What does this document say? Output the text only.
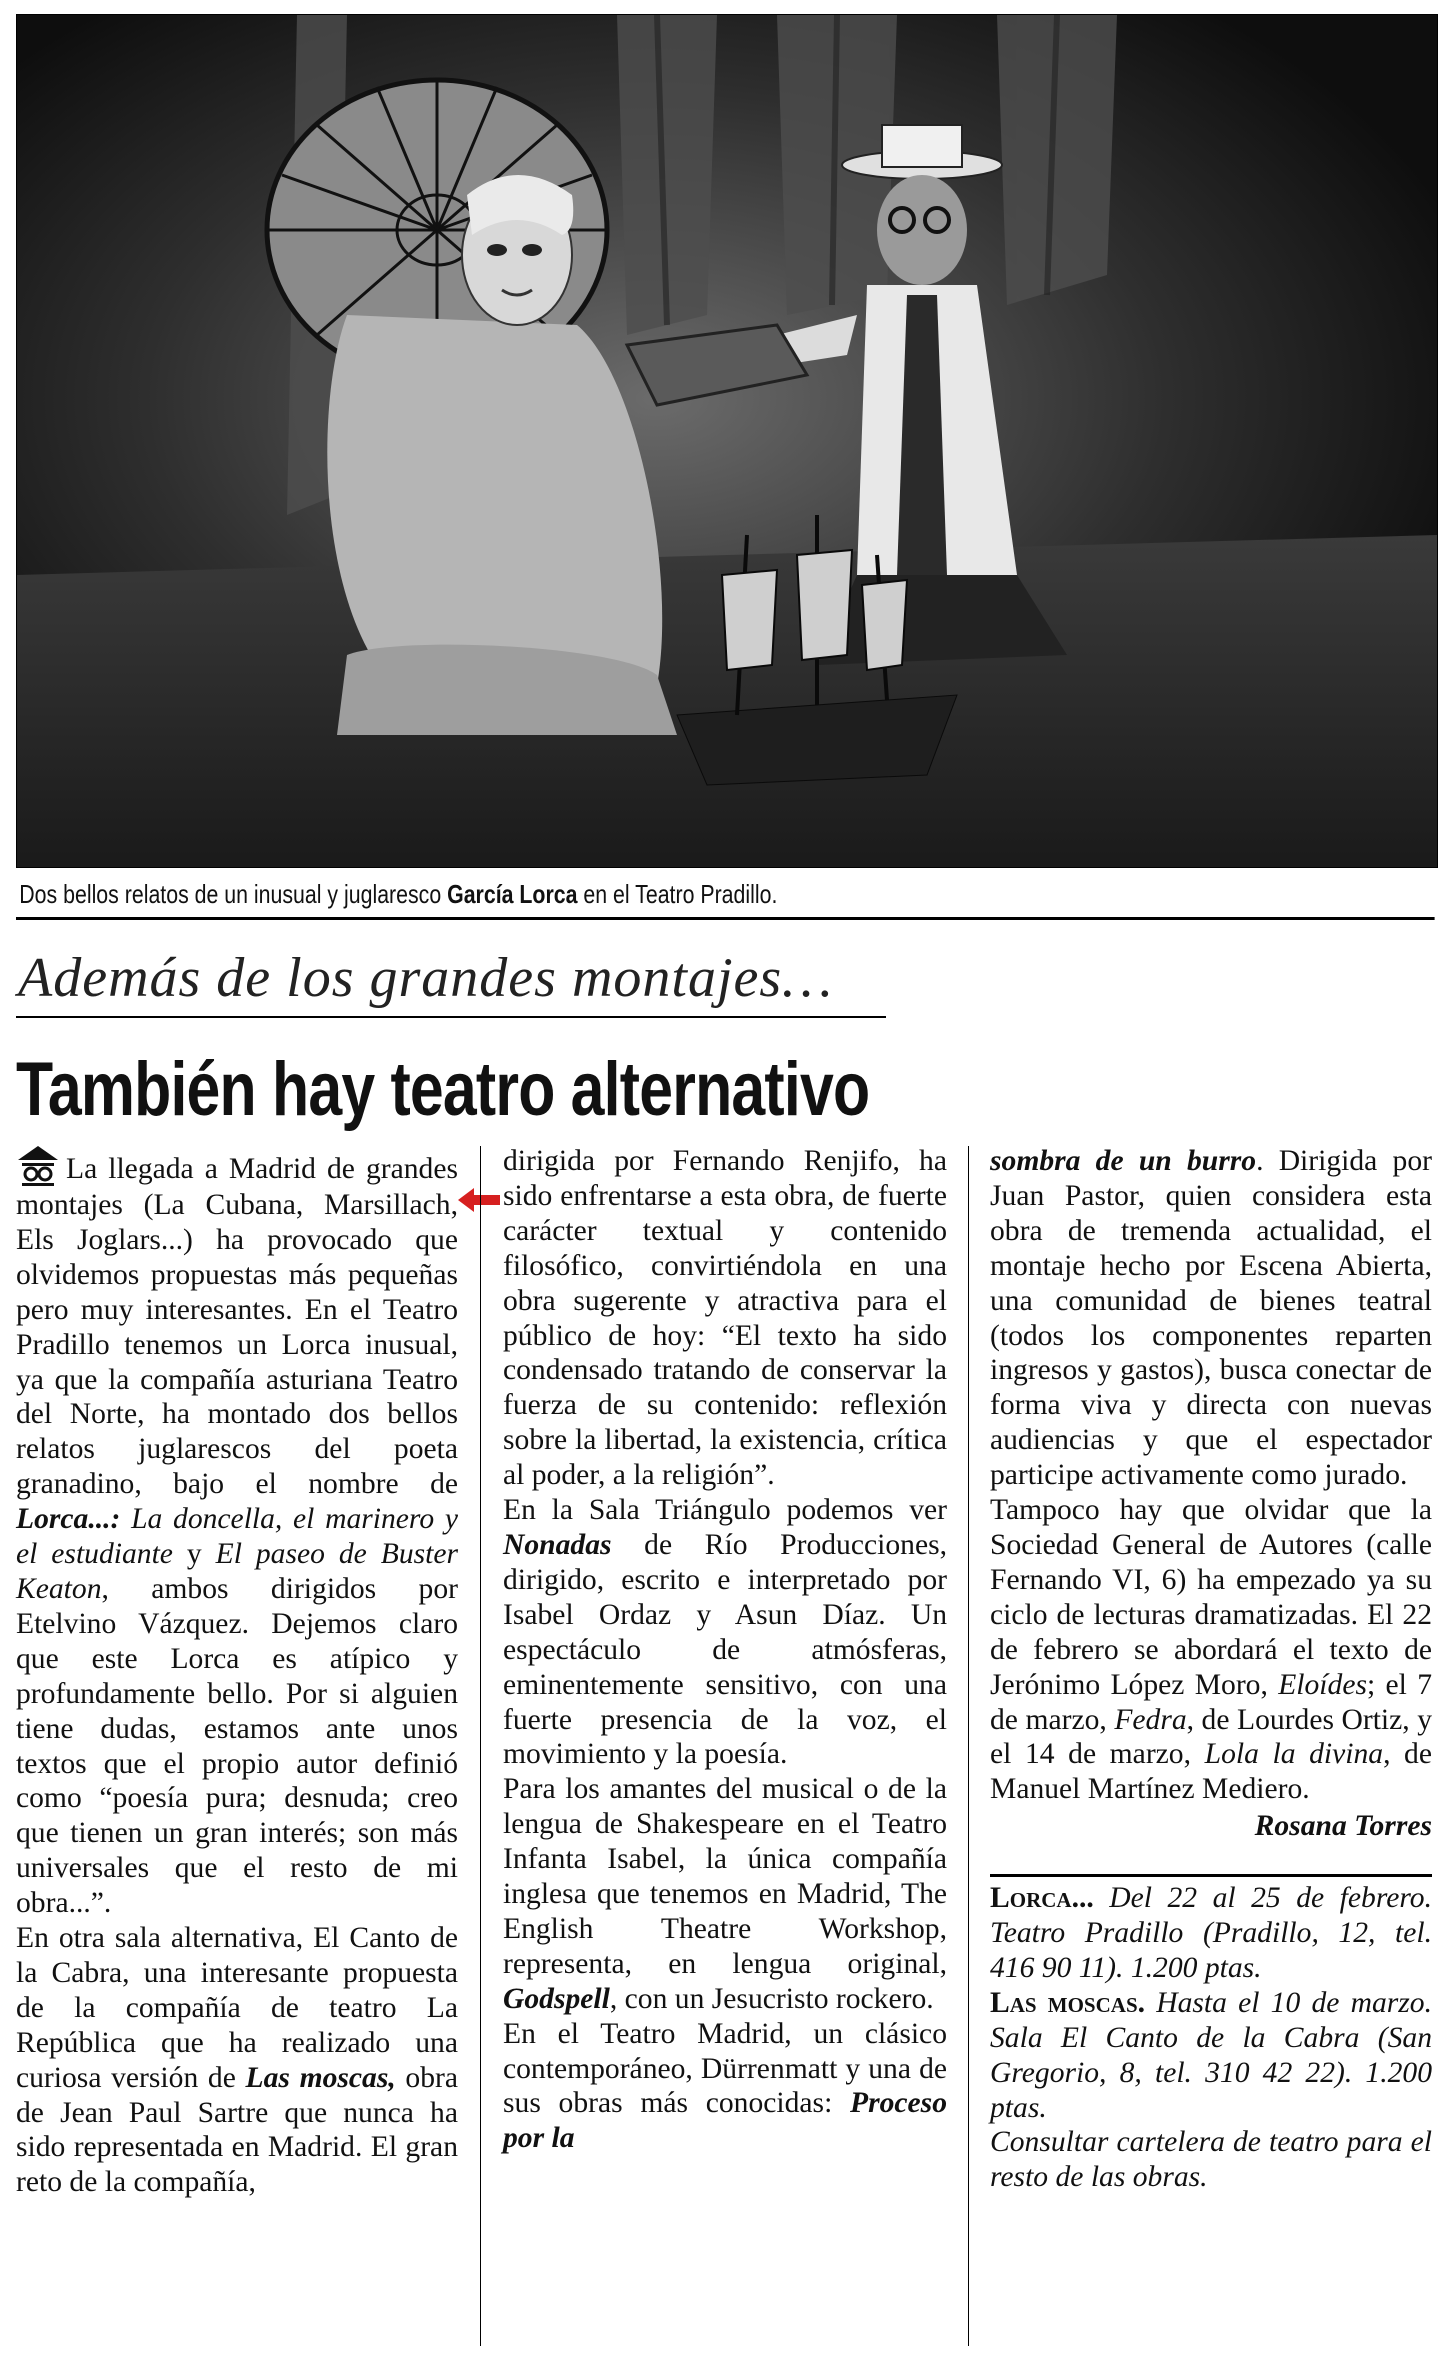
Dos bellos relatos de un inusual y juglaresco García Lorca en el Teatro Pradillo.
Además de los grandes montajes…
También hay teatro alternativo

La llegada a Madrid de grandes montajes (La Cubana, Marsillach, Els Joglars...) ha provocado que olvidemos propuestas más pequeñas pero muy interesantes. En el Teatro Pradillo tenemos un Lorca inusual, ya que la compañía asturiana Teatro del Norte, ha montado dos bellos relatos juglarescos del poeta granadino, bajo el nombre de Lorca...: La doncella, el marinero y el estudiante y El paseo de Buster Keaton, ambos dirigidos por Etelvino Vázquez. Dejemos claro que este Lorca es atípico y profundamente bello. Por si alguien tiene dudas, estamos ante unos textos que el propio autor definió como “poesía pura; desnuda; creo que tienen un gran interés; son más universales que el resto de mi obra...”.

En otra sala alternativa, El Canto de la Cabra, una interesante propuesta de la compañía de teatro La República que ha realizado una curiosa versión de Las moscas, obra de Jean Paul Sartre que nunca ha sido representada en Madrid. El gran reto de la compañía,

dirigida por Fernando Renjifo, ha sido enfrentarse a esta obra, de fuerte carácter textual y contenido filosófico, convirtiéndola en una obra sugerente y atractiva para el público de hoy: “El texto ha sido condensado tratando de conservar la fuerza de su contenido: reflexión sobre la libertad, la existencia, crítica al poder, a la religión”.

En la Sala Triángulo podemos ver Nonadas de Río Producciones, dirigido, escrito e interpretado por Isabel Ordaz y Asun Díaz. Un espectáculo de atmósferas, eminentemente sensitivo, con una fuerte presencia de la voz, el movimiento y la poesía.

Para los amantes del musical o de la lengua de Shakespeare en el Teatro Infanta Isabel, la única compañía inglesa que tenemos en Madrid, The English Theatre Workshop, representa, en lengua original, Godspell, con un Jesucristo rockero.

En el Teatro Madrid, un clásico contemporáneo, Dürrenmatt y una de sus obras más conocidas: Proceso por la

sombra de un burro. Dirigida por Juan Pastor, quien considera esta obra de tremenda actualidad, el montaje hecho por Escena Abierta, una comunidad de bienes teatral (todos los componentes reparten ingresos y gastos), busca conectar de forma viva y directa con nuevas audiencias y que el espectador participe activamente como jurado.

Tampoco hay que olvidar que la Sociedad General de Autores (calle Fernando VI, 6) ha empezado ya su ciclo de lecturas dramatizadas. El 22 de febrero se abordará el texto de Jerónimo López Moro, Eloídes; el 7 de marzo, Fedra, de Lourdes Ortiz, y el 14 de marzo, Lola la divina, de Manuel Martínez Mediero.

Rosana Torres

Lorca... Del 22 al 25 de febrero. Teatro Pradillo (Pradillo, 12, tel. 416 90 11). 1.200 ptas.

Las moscas. Hasta el 10 de marzo. Sala El Canto de la Cabra (San Gregorio, 8, tel. 310 42 22). 1.200 ptas.

Consultar cartelera de teatro para el resto de las obras.
